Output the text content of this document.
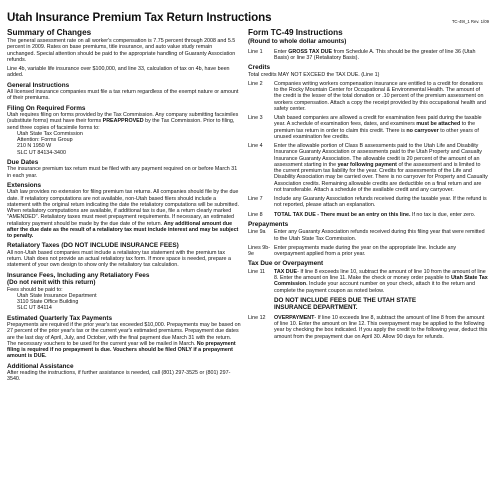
Utah Insurance Premium Tax Return Instructions	TC-49I_1 Rev. 1/09
Summary of Changes

The general assessment rate on all worker's compensation is 7.75 percent through 2008 and 5.5 percent in 2009. Rates on base premiums, title insurance, and auto value study remain unchanged. Special attention should be paid to the appropriate handling of Guaranty Association refunds.

Line 4b, variable life insurance over $100,000, and line 33, calculation of tax on 4b, have been added.

General Instructions

All licensed insurance companies must file a tax return regardless of the exempt nature or amount of their premiums.

Filing On Required Forms

Utah requires filing on forms provided by the Tax Commission. Any company submitting facsimiles (substitute forms) must have their forms PREAPPROVED by the Tax Commission. Prior to filing, send three copies of facsimile forms to:

Utah State Tax Commission

Attention: Forms Group

210 N 1950 W

SLC UT 84134-3400

Due Dates

The insurance premium tax return must be filed with any payment required on or before March 31 in each year.

Extensions

Utah law provides no extension for filing premium tax returns. All companies should file by the due date. If retaliatory computations are not available, non-Utah based filers should include a statement with the original return indicating the date the retaliatory computations will be submitted. When retaliatory computations are available, if additional tax is due, file a return clearly marked "AMENDED". Retaliatory taxes must meet prepayment requirements. If necessary, an estimated retaliatory payment should be made by the due date of the return. Any additional amount due after the due date as the result of a retaliatory tax must include interest and may be subject to penalty.

Retaliatory Taxes (DO NOT INCLUDE INSURANCE FEES)

All non-Utah based companies must include a retaliatory tax statement with the premium tax return. Utah does not provide an actual retaliatory tax form. If more space is needed, prepare a statement of your own design to show only the retaliatory tax calculation.

Insurance Fees, Including any Retaliatory Fees
(Do not remit with this return)

Fees should be paid to:

Utah State Insurance Department

3110 State Office Building

SLC UT 84114

Estimated Quarterly Tax Payments

Prepayments are required if the prior year's tax exceeded $10,000. Prepayments may be based on 27 percent of the prior year's tax or the current year's estimated premiums. Prepayment due dates are the last day of April, July, and October, with the final payment due March 31 with the return. The necessary vouchers to be used for the current year will be mailed in March. No prepayment filing is required if no prepayment is due. Vouchers should be filed ONLY if a prepayment amount is DUE.

Additional Assistance

After reading the instructions, if further assistance is needed, call (801) 297-3525 or (801) 297-3540.

Form TC-49 Instructions
(Round to whole dollar amounts)
Line 1	Enter GROSS TAX DUE from Schedule A. This should be the greater of line 36 (Utah Basis) or line 37 (Retaliatory Basis).
Credits

Total credits MAY NOT EXCEED the TAX DUE. (Line 1)

Line 2	Companies writing workers compensation insurance are entitled to a credit for donations to the Rocky Mountain Center for Occupational & Environmental Health. The amount of the credit is the lesser of the total donation or .10 percent of the premium assessment on workers compensation. Attach a copy the receipt provided by this occupational health and safety center.
Line 3	Utah based companies are allowed a credit for examination fees paid during the taxable year. A schedule of examination fees, dates, and examiners must be attached to the premium tax return in order to claim this credit. There is no carryover to other years of unused examination fee credits.
Line 4	Enter the allowable portion of Class B assessments paid to the Utah Life and Disability Insurance Guaranty Association or assessments paid to the Utah Property and Casualty Insurance Guaranty Association. The allowable credit is 20 percent of the amount of an assessment starting in the year following payment of the assessment and is limited to the current premium tax liability for the year. Credits for assessments of the Life and Disability Association may be carried over. There is no carryover for Property and Casualty Association credits. Remaining allowable credits are deductible on a final return and are not transferable. Attach a schedule of the available credit and any carryover.
Line 7	Include any Guaranty Association refunds received during the taxable year. If the refund is not reported, please attach an explanation.
Line 8	TOTAL TAX DUE - There must be an entry on this line. If no tax is due, enter zero.
Prepayments
Line 9a	Enter any Guaranty Association refunds received during this filing year that were remitted to the Utah State Tax Commission.
Lines 9b-9e
Enter prepayments made during the year on the appropriate line. Include any overpayment applied from a prior year.
Tax Due or Overpayment
Line 11	TAX DUE- If line 8 exceeds line 10, subtract the amount of line 10 from the amount of line 8. Enter the amount on line 11. Make the check or money order payable to Utah State Tax Commission. Include your account number on your check, attach it to the return and complete the payment coupon as noted below.
DO NOT INCLUDE FEES DUE THE UTAH STATE
INSURANCE DEPARTMENT.
Line 12	OVERPAYMENT- If line 10 exceeds line 8, subtract the amount of line 8 from the amount of line 10. Enter the amount on line 12. This overpayment may be applied to the following year by checking the box indicated. If you apply the credit to the following year, deduct this amount from the prepayment due on April 30. Allow 90 days for refunds.
